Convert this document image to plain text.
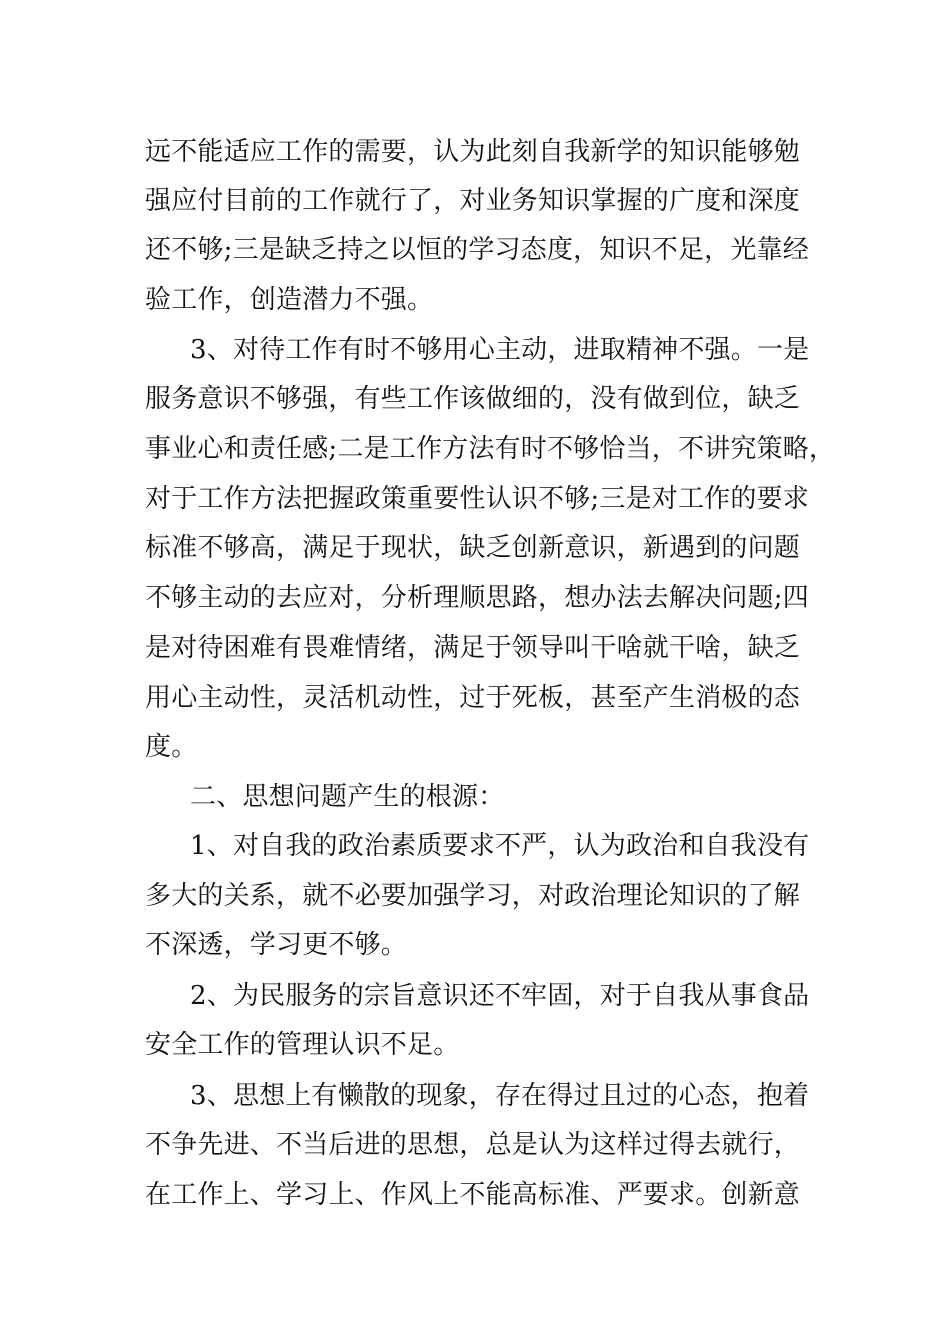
远不能适应工作的需要，认为此刻自我新学的知识能够勉
强应付目前的工作就行了，对业务知识掌握的广度和深度
还不够;三是缺乏持之以恒的学习态度，知识不足，光靠经
验工作，创造潜力不强。
3、对待工作有时不够用心主动，进取精神不强。一是
服务意识不够强，有些工作该做细的，没有做到位，缺乏
事业心和责任感;二是工作方法有时不够恰当，不讲究策略，
对于工作方法把握政策重要性认识不够;三是对工作的要求
标准不够高，满足于现状，缺乏创新意识，新遇到的问题
不够主动的去应对，分析理顺思路，想办法去解决问题;四
是对待困难有畏难情绪，满足于领导叫干啥就干啥，缺乏
用心主动性，灵活机动性，过于死板，甚至产生消极的态
度。
二、思想问题产生的根源：
1、对自我的政治素质要求不严，认为政治和自我没有
多大的关系，就不必要加强学习，对政治理论知识的了解
不深透，学习更不够。
2、为民服务的宗旨意识还不牢固，对于自我从事食品
安全工作的管理认识不足。
3、思想上有懒散的现象，存在得过且过的心态，抱着
不争先进、不当后进的思想，总是认为这样过得去就行，
在工作上、学习上、作风上不能高标准、严要求。创新意
